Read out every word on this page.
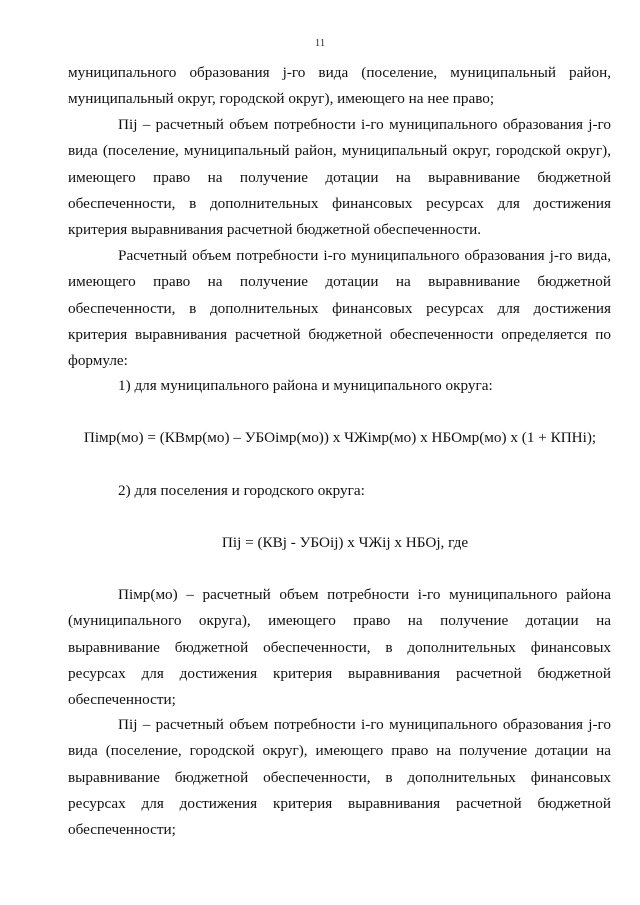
11

муниципального образования j-го вида (поселение, муниципальный район, муниципальный округ, городской округ), имеющего на нее право;

Пij – расчетный объем потребности i-го муниципального образования j-го вида (поселение, муниципальный район, муниципальный округ, городской округ), имеющего право на получение дотации на выравнивание бюджетной обеспеченности, в дополнительных финансовых ресурсах для достижения критерия выравнивания расчетной бюджетной обеспеченности.

Расчетный объем потребности i-го муниципального образования j-го вида, имеющего право на получение дотации на выравнивание бюджетной обеспеченности, в дополнительных финансовых ресурсах для достижения критерия выравнивания расчетной бюджетной обеспеченности определяется по формуле:

1) для муниципального района и муниципального округа:
Пімр(мо) = (КВмр(мо) – УБОімр(мо)) х ЧЖімр(мо) х НБОмр(мо) х (1 + КПНі);
2) для поселения и городского округа:
Пij = (КВj - УБОij) х ЧЖij х НБОj, где

Пімр(мо) – расчетный объем потребности і-го муниципального района (муниципального округа), имеющего право на получение дотации на выравнивание бюджетной обеспеченности, в дополнительных финансовых ресурсах для достижения критерия выравнивания расчетной бюджетной обеспеченности;

Пij – расчетный объем потребности i-го муниципального образования j-го вида (поселение, городской округ), имеющего право на получение дотации на выравнивание бюджетной обеспеченности, в дополнительных финансовых ресурсах для достижения критерия выравнивания расчетной бюджетной обеспеченности;
